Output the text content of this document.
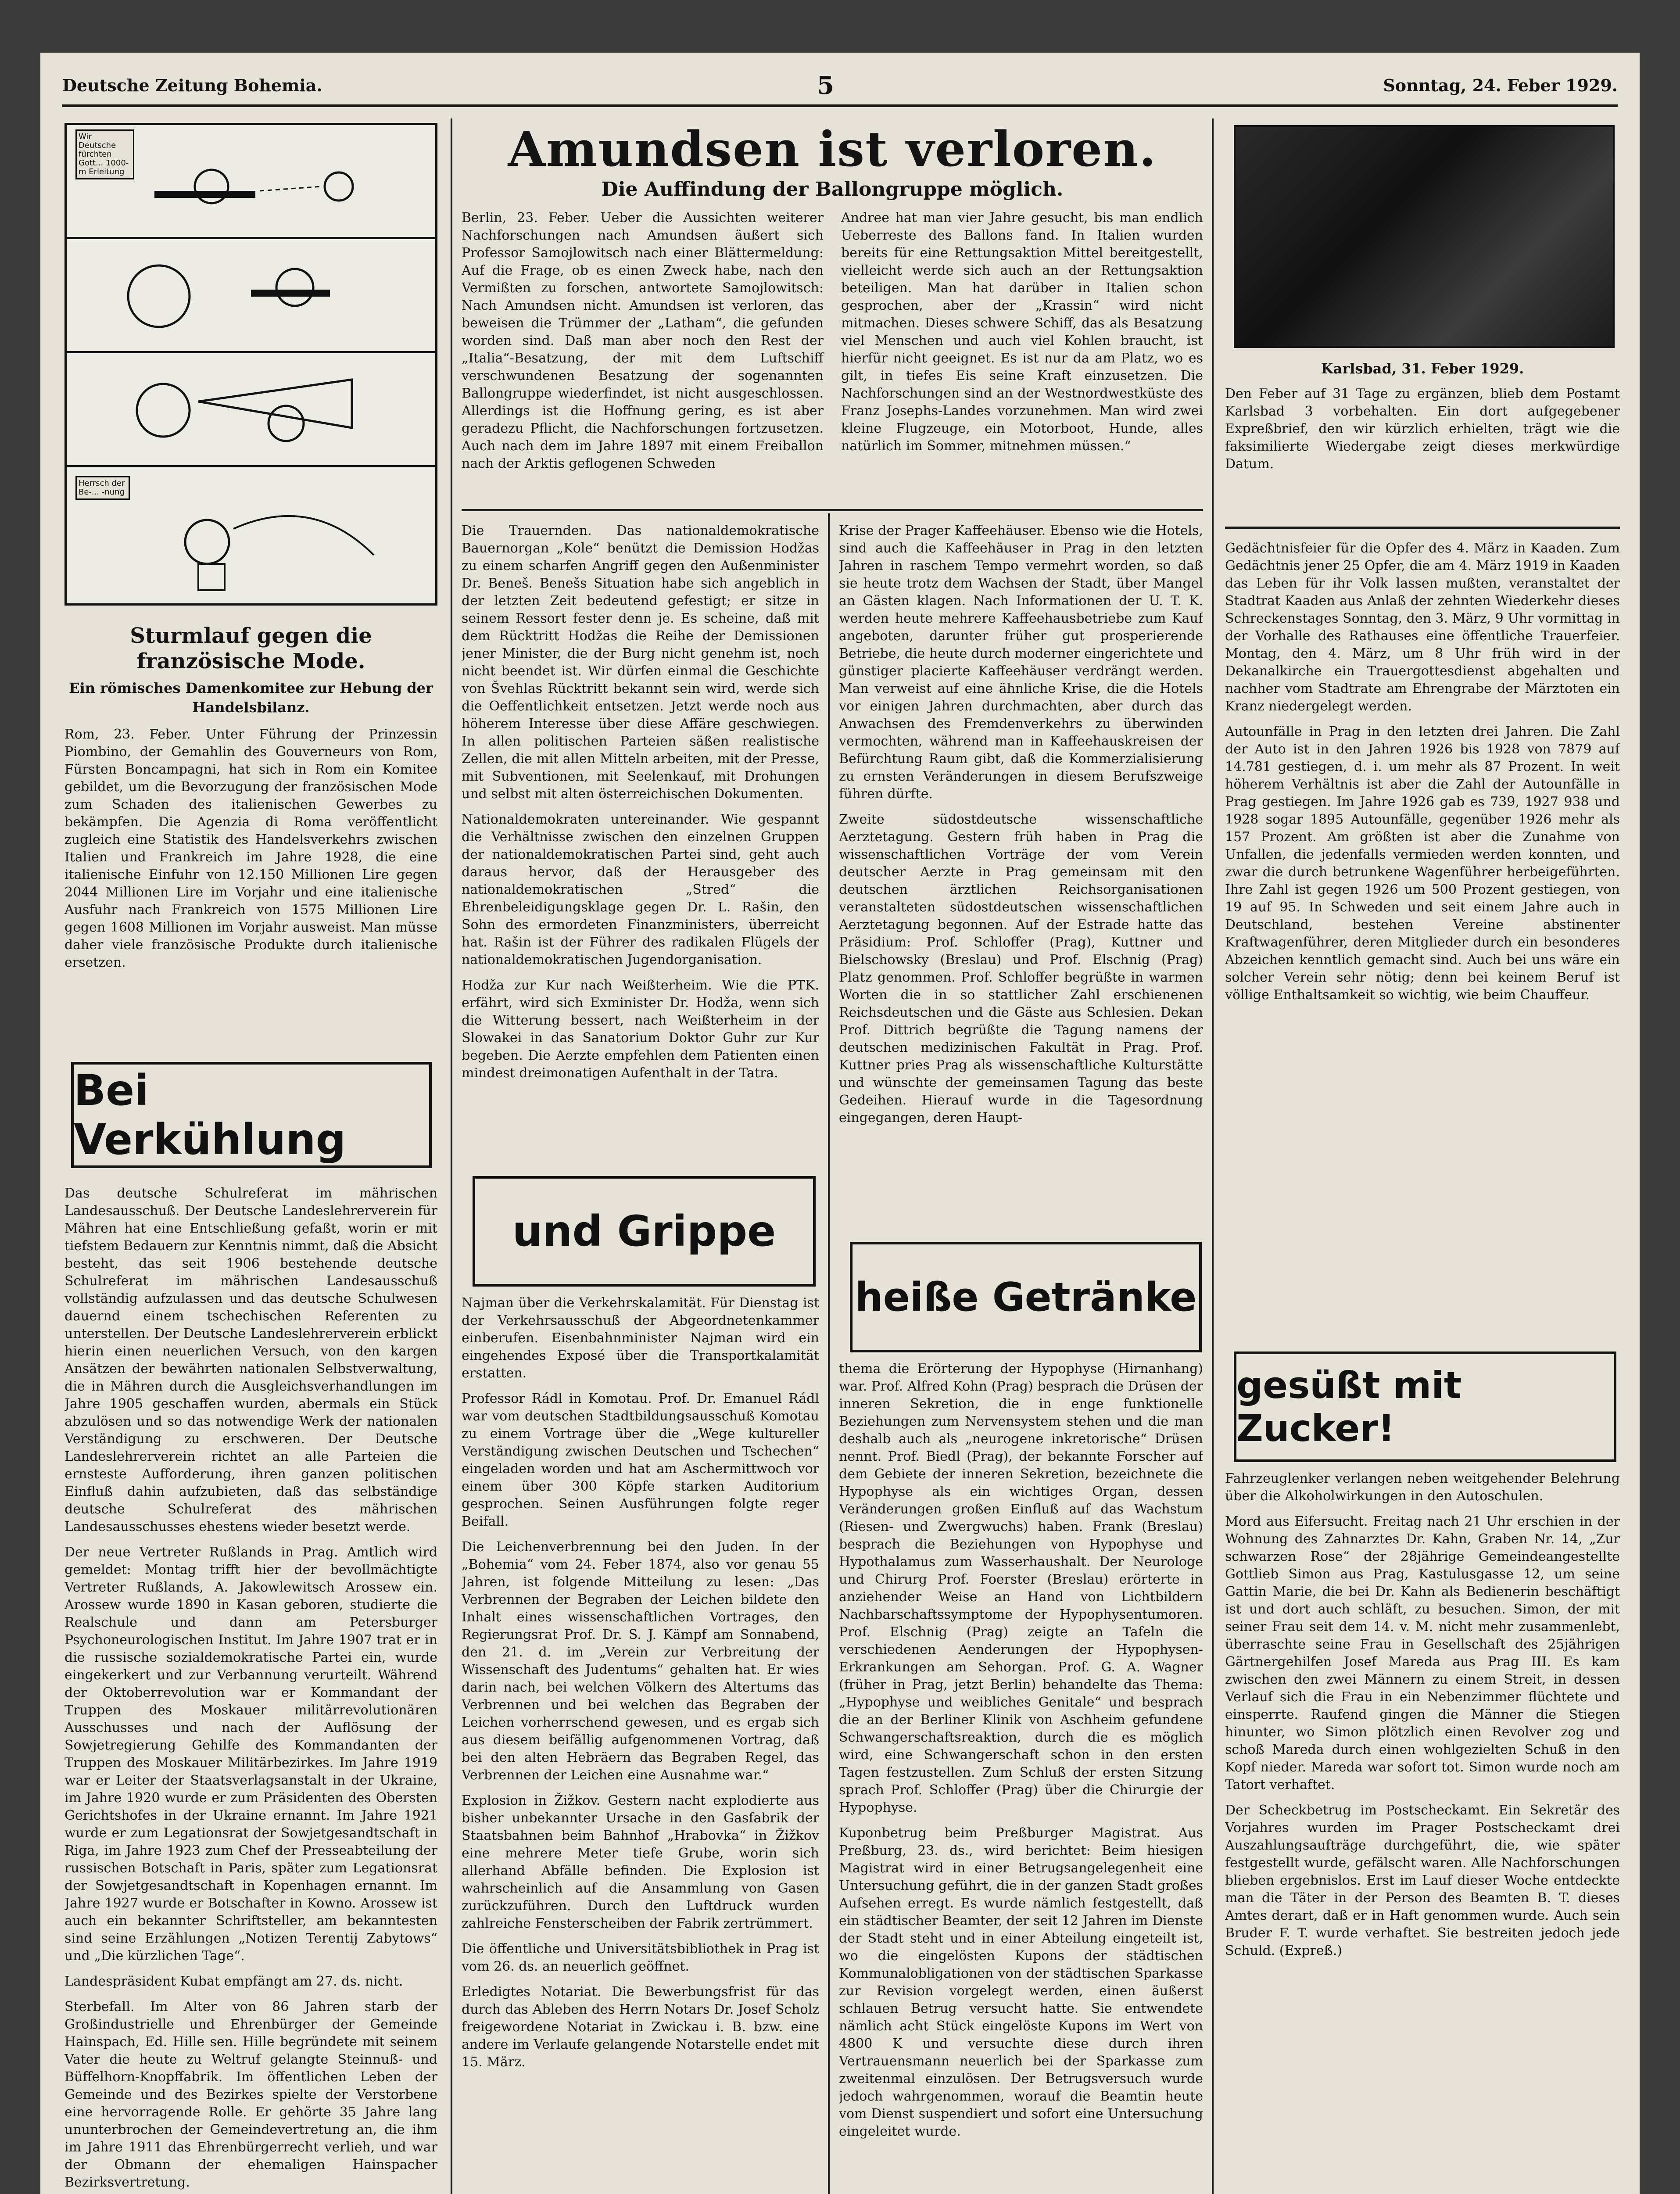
Deutsche Zeitung Bohemia.	5	Sonntag, 24. Feber 1929.
Wir Deutsche fürchten Gott... 1000-m Erleitung
Herrsch der Be-... -nung

Sturmlauf gegen die französische Mode.

Ein römisches Damenkomitee zur Hebung der Handelsbilanz.

Rom, 23. Feber. Unter Führung der Prinzessin Piombino, der Gemahlin des Gouverneurs von Rom, Fürsten Boncampagni, hat sich in Rom ein Komitee gebildet, um die Bevorzugung der französischen Mode zum Schaden des italienischen Gewerbes zu bekämpfen. Die Agenzia di Roma veröffentlicht zugleich eine Statistik des Handelsverkehrs zwischen Italien und Frankreich im Jahre 1928, die eine italienische Einfuhr von 12.150 Millionen Lire gegen 2044 Millionen Lire im Vorjahr und eine italienische Ausfuhr nach Frankreich von 1575 Millionen Lire gegen 1608 Millionen im Vorjahr ausweist. Man müsse daher viele französische Produkte durch italienische ersetzen.

Bei Verkühlung

Das deutsche Schulreferat im mährischen Landesausschuß. Der Deutsche Landeslehrerverein für Mähren hat eine Entschließung gefaßt, worin er mit tiefstem Bedauern zur Kenntnis nimmt, daß die Absicht besteht, das seit 1906 bestehende deutsche Schulreferat im mährischen Landesausschuß vollständig aufzulassen und das deutsche Schulwesen dauernd einem tschechischen Referenten zu unterstellen. Der Deutsche Landeslehrerverein erblickt hierin einen neuerlichen Versuch, von den kargen Ansätzen der bewährten nationalen Selbstverwaltung, die in Mähren durch die Ausgleichsverhandlungen im Jahre 1905 geschaffen wurden, abermals ein Stück abzulösen und so das notwendige Werk der nationalen Verständigung zu erschweren. Der Deutsche Landeslehrerverein richtet an alle Parteien die ernsteste Aufforderung, ihren ganzen politischen Einfluß dahin aufzubieten, daß das selbständige deutsche Schulreferat des mährischen Landesausschusses ehestens wieder besetzt werde.

Der neue Vertreter Rußlands in Prag. Amtlich wird gemeldet: Montag trifft hier der bevollmächtigte Vertreter Rußlands, A. Jakowlewitsch Arossew ein. Arossew wurde 1890 in Kasan geboren, studierte die Realschule und dann am Petersburger Psychoneurologischen Institut. Im Jahre 1907 trat er in die russische sozialdemokratische Partei ein, wurde eingekerkert und zur Verbannung verurteilt. Während der Oktoberrevolution war er Kommandant der Truppen des Moskauer militärrevolutionären Ausschusses und nach der Auflösung der Sowjetregierung Gehilfe des Kommandanten der Truppen des Moskauer Militärbezirkes. Im Jahre 1919 war er Leiter der Staatsverlagsanstalt in der Ukraine, im Jahre 1920 wurde er zum Präsidenten des Obersten Gerichtshofes in der Ukraine ernannt. Im Jahre 1921 wurde er zum Legationsrat der Sowjetgesandtschaft in Riga, im Jahre 1923 zum Chef der Presseabteilung der russischen Botschaft in Paris, später zum Legationsrat der Sowjetgesandtschaft in Kopenhagen ernannt. Im Jahre 1927 wurde er Botschafter in Kowno. Arossew ist auch ein bekannter Schriftsteller, am bekanntesten sind seine Erzählungen „Notizen Terentij Zabytows“ und „Die kürzlichen Tage“.

Landespräsident Kubat empfängt am 27. ds. nicht.

Sterbefall. Im Alter von 86 Jahren starb der Großindustrielle und Ehrenbürger der Gemeinde Hainspach, Ed. Hille sen. Hille begründete mit seinem Vater die heute zu Weltruf gelangte Steinnuß- und Büffelhorn-Knopffabrik. Im öffentlichen Leben der Gemeinde und des Bezirkes spielte der Verstorbene eine hervorragende Rolle. Er gehörte 35 Jahre lang ununterbrochen der Gemeindevertretung an, die ihm im Jahre 1911 das Ehrenbürgerrecht verlieh, und war der Obmann der ehemaligen Hainspacher Bezirksvertretung.

Amundsen ist verloren.

Die Auffindung der Ballongruppe möglich.

Berlin, 23. Feber. Ueber die Aussichten weiterer Nachforschungen nach Amundsen äußert sich Professor Samojlowitsch nach einer Blättermeldung: Auf die Frage, ob es einen Zweck habe, nach den Vermißten zu forschen, antwortete Samojlowitsch: Nach Amundsen nicht. Amundsen ist verloren, das beweisen die Trümmer der „Latham“, die gefunden worden sind. Daß man aber noch den Rest der „Italia“-Besatzung, der mit dem Luftschiff verschwundenen Besatzung der sogenannten Ballongruppe wiederfindet, ist nicht ausgeschlossen. Allerdings ist die Hoffnung gering, es ist aber geradezu Pflicht, die Nachforschungen fortzusetzen. Auch nach dem im Jahre 1897 mit einem Freiballon nach der Arktis geflogenen Schweden

Andree hat man vier Jahre gesucht, bis man endlich Ueberreste des Ballons fand. In Italien wurden bereits für eine Rettungsaktion Mittel bereitgestellt, vielleicht werde sich auch an der Rettungsaktion beteiligen. Man hat darüber in Italien schon gesprochen, aber der „Krassin“ wird nicht mitmachen. Dieses schwere Schiff, das als Besatzung viel Menschen und auch viel Kohlen braucht, ist hierfür nicht geeignet. Es ist nur da am Platz, wo es gilt, in tiefes Eis seine Kraft einzusetzen. Die Nachforschungen sind an der Westnordwestküste des Franz Josephs-Landes vorzunehmen. Man wird zwei kleine Flugzeuge, ein Motorboot, Hunde, alles natürlich im Sommer, mitnehmen müssen.“

Karlsbad, 31. Feber 1929.

Den Feber auf 31 Tage zu ergänzen, blieb dem Postamt Karlsbad 3 vorbehalten. Ein dort aufgegebener Expreßbrief, den wir kürzlich erhielten, trägt wie die faksimilierte Wiedergabe zeigt dieses merkwürdige Datum.

Die Trauernden. Das nationaldemokratische Bauernorgan „Kole“ benützt die Demission Hodžas zu einem scharfen Angriff gegen den Außenminister Dr. Beneš. Benešs Situation habe sich angeblich in der letzten Zeit bedeutend gefestigt; er sitze in seinem Ressort fester denn je. Es scheine, daß mit dem Rücktritt Hodžas die Reihe der Demissionen jener Minister, die der Burg nicht genehm ist, noch nicht beendet ist. Wir dürfen einmal die Geschichte von Švehlas Rücktritt bekannt sein wird, werde sich die Oeffentlichkeit entsetzen. Jetzt werde noch aus höherem Interesse über diese Affäre geschwiegen. In allen politischen Parteien säßen realistische Zellen, die mit allen Mitteln arbeiten, mit der Presse, mit Subventionen, mit Seelenkauf, mit Drohungen und selbst mit alten österreichischen Dokumenten.

Nationaldemokraten untereinander. Wie gespannt die Verhältnisse zwischen den einzelnen Gruppen der nationaldemokratischen Partei sind, geht auch daraus hervor, daß der Herausgeber des nationaldemokratischen „Stred“ die Ehrenbeleidigungsklage gegen Dr. L. Rašin, den Sohn des ermordeten Finanzministers, überreicht hat. Rašin ist der Führer des radikalen Flügels der nationaldemokratischen Jugendorganisation.

Hodža zur Kur nach Weißterheim. Wie die PTK. erfährt, wird sich Exminister Dr. Hodža, wenn sich die Witterung bessert, nach Weißterheim in der Slowakei in das Sanatorium Doktor Guhr zur Kur begeben. Die Aerzte empfehlen dem Patienten einen mindest dreimonatigen Aufenthalt in der Tatra.

und Grippe

Najman über die Verkehrskalamität. Für Dienstag ist der Verkehrsausschuß der Abgeordnetenkammer einberufen. Eisenbahnminister Najman wird ein eingehendes Exposé über die Transportkalamität erstatten.

Professor Rádl in Komotau. Prof. Dr. Emanuel Rádl war vom deutschen Stadtbildungsausschuß Komotau zu einem Vortrage über die „Wege kultureller Verständigung zwischen Deutschen und Tschechen“ eingeladen worden und hat am Aschermittwoch vor einem über 300 Köpfe starken Auditorium gesprochen. Seinen Ausführungen folgte reger Beifall.

Die Leichenverbrennung bei den Juden. In der „Bohemia“ vom 24. Feber 1874, also vor genau 55 Jahren, ist folgende Mitteilung zu lesen: „Das Verbrennen der Begraben der Leichen bildete den Inhalt eines wissenschaftlichen Vortrages, den Regierungsrat Prof. Dr. S. J. Kämpf am Sonnabend, den 21. d. im „Verein zur Verbreitung der Wissenschaft des Judentums“ gehalten hat. Er wies darin nach, bei welchen Völkern des Altertums das Verbrennen und bei welchen das Begraben der Leichen vorherrschend gewesen, und es ergab sich aus diesem beifällig aufgenommenen Vortrag, daß bei den alten Hebräern das Begraben Regel, das Verbrennen der Leichen eine Ausnahme war.“

Explosion in Žižkov. Gestern nacht explodierte aus bisher unbekannter Ursache in den Gasfabrik der Staatsbahnen beim Bahnhof „Hrabovka“ in Žižkov eine mehrere Meter tiefe Grube, worin sich allerhand Abfälle befinden. Die Explosion ist wahrscheinlich auf die Ansammlung von Gasen zurückzuführen. Durch den Luftdruck wurden zahlreiche Fensterscheiben der Fabrik zertrümmert.

Die öffentliche und Universitätsbibliothek in Prag ist vom 26. ds. an neuerlich geöffnet.

Erledigtes Notariat. Die Bewerbungsfrist für das durch das Ableben des Herrn Notars Dr. Josef Scholz freigewordene Notariat in Zwickau i. B. bzw. eine andere im Verlaufe gelangende Notarstelle endet mit 15. März.

Krise der Prager Kaffeehäuser. Ebenso wie die Hotels, sind auch die Kaffeehäuser in Prag in den letzten Jahren in raschem Tempo vermehrt worden, so daß sie heute trotz dem Wachsen der Stadt, über Mangel an Gästen klagen. Nach Informationen der U. T. K. werden heute mehrere Kaffeehausbetriebe zum Kauf angeboten, darunter früher gut prosperierende Betriebe, die heute durch moderner eingerichtete und günstiger placierte Kaffeehäuser verdrängt werden. Man verweist auf eine ähnliche Krise, die die Hotels vor einigen Jahren durchmachten, aber durch das Anwachsen des Fremdenverkehrs zu überwinden vermochten, während man in Kaffeehauskreisen der Befürchtung Raum gibt, daß die Kommerzialisierung zu ernsten Veränderungen in diesem Berufszweige führen dürfte.

Zweite südostdeutsche wissenschaftliche Aerztetagung. Gestern früh haben in Prag die wissenschaftlichen Vorträge der vom Verein deutscher Aerzte in Prag gemeinsam mit den deutschen ärztlichen Reichsorganisationen veranstalteten südostdeutschen wissenschaftlichen Aerztetagung begonnen. Auf der Estrade hatte das Präsidium: Prof. Schloffer (Prag), Kuttner und Bielschowsky (Breslau) und Prof. Elschnig (Prag) Platz genommen. Prof. Schloffer begrüßte in warmen Worten die in so stattlicher Zahl erschienenen Reichsdeutschen und die Gäste aus Schlesien. Dekan Prof. Dittrich begrüßte die Tagung namens der deutschen medizinischen Fakultät in Prag. Prof. Kuttner pries Prag als wissenschaftliche Kulturstätte und wünschte der gemeinsamen Tagung das beste Gedeihen. Hierauf wurde in die Tagesordnung eingegangen, deren Haupt-

heiße Getränke

thema die Erörterung der Hypophyse (Hirnanhang) war. Prof. Alfred Kohn (Prag) besprach die Drüsen der inneren Sekretion, die in enge funktionelle Beziehungen zum Nervensystem stehen und die man deshalb auch als „neurogene inkretorische“ Drüsen nennt. Prof. Biedl (Prag), der bekannte Forscher auf dem Gebiete der inneren Sekretion, bezeichnete die Hypophyse als ein wichtiges Organ, dessen Veränderungen großen Einfluß auf das Wachstum (Riesen- und Zwergwuchs) haben. Frank (Breslau) besprach die Beziehungen von Hypophyse und Hypothalamus zum Wasserhaushalt. Der Neurologe und Chirurg Prof. Foerster (Breslau) erörterte in anziehender Weise an Hand von Lichtbildern Nachbarschaftssymptome der Hypophysentumoren. Prof. Elschnig (Prag) zeigte an Tafeln die verschiedenen Aenderungen der Hypophysen-Erkrankungen am Sehorgan. Prof. G. A. Wagner (früher in Prag, jetzt Berlin) behandelte das Thema: „Hypophyse und weibliches Genitale“ und besprach die an der Berliner Klinik von Aschheim gefundene Schwangerschaftsreaktion, durch die es möglich wird, eine Schwangerschaft schon in den ersten Tagen festzustellen. Zum Schluß der ersten Sitzung sprach Prof. Schloffer (Prag) über die Chirurgie der Hypophyse.

Kuponbetrug beim Preßburger Magistrat. Aus Preßburg, 23. ds., wird berichtet: Beim hiesigen Magistrat wird in einer Betrugsangelegenheit eine Untersuchung geführt, die in der ganzen Stadt großes Aufsehen erregt. Es wurde nämlich festgestellt, daß ein städtischer Beamter, der seit 12 Jahren im Dienste der Stadt steht und in einer Abteilung eingeteilt ist, wo die eingelösten Kupons der städtischen Kommunalobligationen von der städtischen Sparkasse zur Revision vorgelegt werden, einen äußerst schlauen Betrug versucht hatte. Sie entwendete nämlich acht Stück eingelöste Kupons im Wert von 4800 K und versuchte diese durch ihren Vertrauensmann neuerlich bei der Sparkasse zum zweitenmal einzulösen. Der Betrugsversuch wurde jedoch wahrgenommen, worauf die Beamtin heute vom Dienst suspendiert und sofort eine Untersuchung eingeleitet wurde.

Gedächtnisfeier für die Opfer des 4. März in Kaaden. Zum Gedächtnis jener 25 Opfer, die am 4. März 1919 in Kaaden das Leben für ihr Volk lassen mußten, veranstaltet der Stadtrat Kaaden aus Anlaß der zehnten Wiederkehr dieses Schreckenstages Sonntag, den 3. März, 9 Uhr vormittag in der Vorhalle des Rathauses eine öffentliche Trauerfeier. Montag, den 4. März, um 8 Uhr früh wird in der Dekanalkirche ein Trauergottesdienst abgehalten und nachher vom Stadtrate am Ehrengrabe der Märztoten ein Kranz niedergelegt werden.

Autounfälle in Prag in den letzten drei Jahren. Die Zahl der Auto ist in den Jahren 1926 bis 1928 von 7879 auf 14.781 gestiegen, d. i. um mehr als 87 Prozent. In weit höherem Verhältnis ist aber die Zahl der Autounfälle in Prag gestiegen. Im Jahre 1926 gab es 739, 1927 938 und 1928 sogar 1895 Autounfälle, gegenüber 1926 mehr als 157 Prozent. Am größten ist aber die Zunahme von Unfallen, die jedenfalls vermieden werden konnten, und zwar die durch betrunkene Wagenführer herbeigeführten. Ihre Zahl ist gegen 1926 um 500 Prozent gestiegen, von 19 auf 95. In Schweden und seit einem Jahre auch in Deutschland, bestehen Vereine abstinenter Kraftwagenführer, deren Mitglieder durch ein besonderes Abzeichen kenntlich gemacht sind. Auch bei uns wäre ein solcher Verein sehr nötig; denn bei keinem Beruf ist völlige Enthaltsamkeit so wichtig, wie beim Chauffeur.

gesüßt mit Zucker!

Fahrzeuglenker verlangen neben weitgehender Belehrung über die Alkoholwirkungen in den Autoschulen.

Mord aus Eifersucht. Freitag nach 21 Uhr erschien in der Wohnung des Zahnarztes Dr. Kahn, Graben Nr. 14, „Zur schwarzen Rose“ der 28jährige Gemeindeangestellte Gottlieb Simon aus Prag, Kastulusgasse 12, um seine Gattin Marie, die bei Dr. Kahn als Bedienerin beschäftigt ist und dort auch schläft, zu besuchen. Simon, der mit seiner Frau seit dem 14. v. M. nicht mehr zusammenlebt, überraschte seine Frau in Gesellschaft des 25jährigen Gärtnergehilfen Josef Mareda aus Prag III. Es kam zwischen den zwei Männern zu einem Streit, in dessen Verlauf sich die Frau in ein Nebenzimmer flüchtete und einsperrte. Raufend gingen die Männer die Stiegen hinunter, wo Simon plötzlich einen Revolver zog und schoß Mareda durch einen wohlgezielten Schuß in den Kopf nieder. Mareda war sofort tot. Simon wurde noch am Tatort verhaftet.

Der Scheckbetrug im Postscheckamt. Ein Sekretär des Vorjahres wurden im Prager Postscheckamt drei Auszahlungsaufträge durchgeführt, die, wie später festgestellt wurde, gefälscht waren. Alle Nachforschungen blieben ergebnislos. Erst im Lauf dieser Woche entdeckte man die Täter in der Person des Beamten B. T. dieses Amtes derart, daß er in Haft genommen wurde. Auch sein Bruder F. T. wurde verhaftet. Sie bestreiten jedoch jede Schuld. (Expreß.)
